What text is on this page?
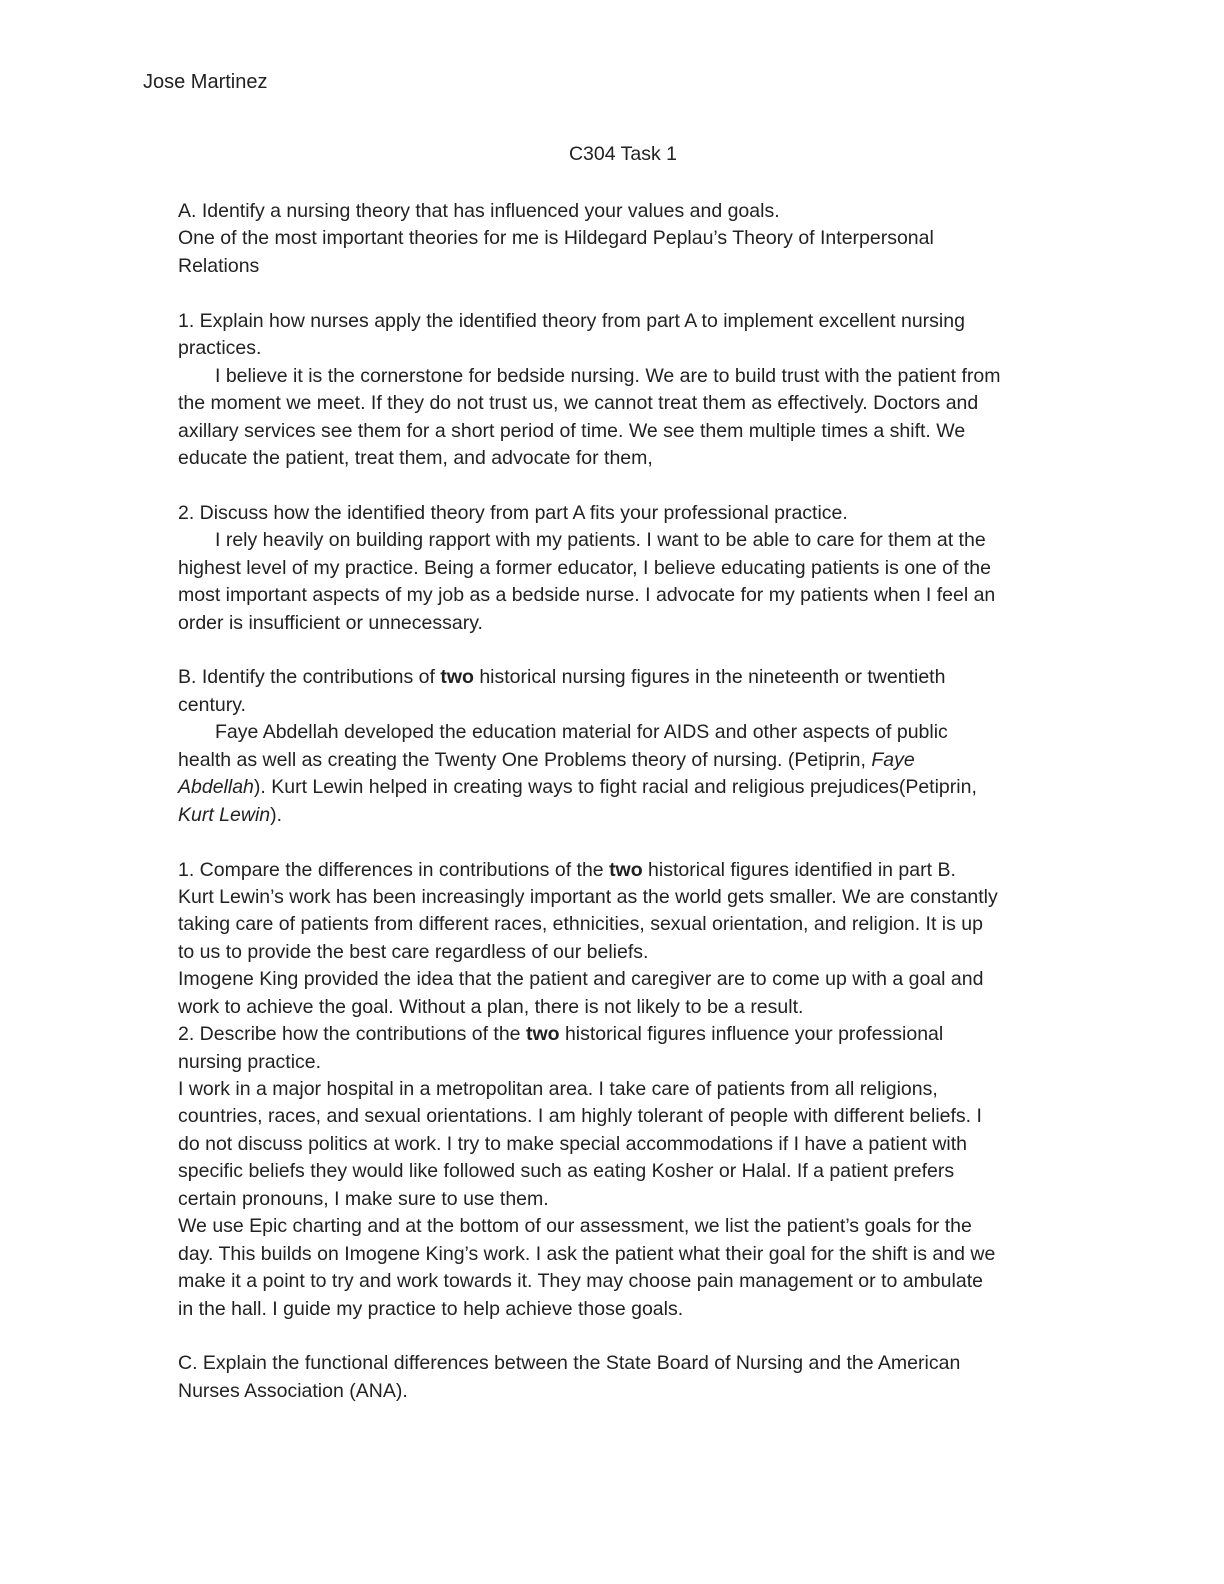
Jose Martinez
C304 Task 1
A. Identify a nursing theory that has influenced your values and goals.
One of the most important theories for me is Hildegard Peplau’s Theory of Interpersonal
Relations
1. Explain how nurses apply the identified theory from part A to implement excellent nursing
practices.
I believe it is the cornerstone for bedside nursing. We are to build trust with the patient from
the moment we meet. If they do not trust us, we cannot treat them as effectively. Doctors and
axillary services see them for a short period of time. We see them multiple times a shift. We
educate the patient, treat them, and advocate for them,
2. Discuss how the identified theory from part A fits your professional practice.
I rely heavily on building rapport with my patients. I want to be able to care for them at the
highest level of my practice. Being a former educator, I believe educating patients is one of the
most important aspects of my job as a bedside nurse. I advocate for my patients when I feel an
order is insufficient or unnecessary.
B. Identify the contributions of two historical nursing figures in the nineteenth or twentieth
century.
Faye Abdellah developed the education material for AIDS and other aspects of public
health as well as creating the Twenty One Problems theory of nursing. (Petiprin, Faye
Abdellah). Kurt Lewin helped in creating ways to fight racial and religious prejudices(Petiprin,
Kurt Lewin).
1. Compare the differences in contributions of the two historical figures identified in part B.
Kurt Lewin’s work has been increasingly important as the world gets smaller. We are constantly
taking care of patients from different races, ethnicities, sexual orientation, and religion. It is up
to us to provide the best care regardless of our beliefs.
Imogene King provided the idea that the patient and caregiver are to come up with a goal and
work to achieve the goal. Without a plan, there is not likely to be a result.
2. Describe how the contributions of the two historical figures influence your professional
nursing practice.
I work in a major hospital in a metropolitan area. I take care of patients from all religions,
countries, races, and sexual orientations. I am highly tolerant of people with different beliefs. I
do not discuss politics at work. I try to make special accommodations if I have a patient with
specific beliefs they would like followed such as eating Kosher or Halal. If a patient prefers
certain pronouns, I make sure to use them.
We use Epic charting and at the bottom of our assessment, we list the patient’s goals for the
day. This builds on Imogene King’s work. I ask the patient what their goal for the shift is and we
make it a point to try and work towards it. They may choose pain management or to ambulate
in the hall. I guide my practice to help achieve those goals.
C. Explain the functional differences between the State Board of Nursing and the American
Nurses Association (ANA).
